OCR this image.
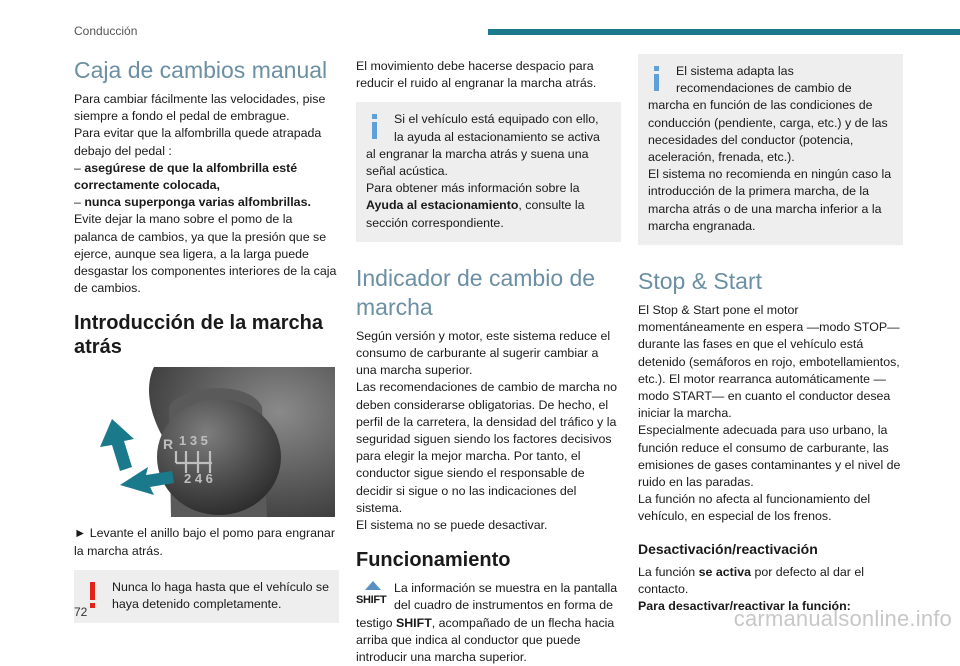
Conducción
Caja de cambios manual

Para cambiar fácilmente las velocidades, pise siempre a fondo el pedal de embrague.

Para evitar que la alfombrilla quede atrapada debajo del pedal :

– asegúrese de que la alfombrilla esté correctamente colocada,

– nunca superponga varias alfombrillas.

Evite dejar la mano sobre el pomo de la palanca de cambios, ya que la presión que se ejerce, aunque sea ligera, a la larga puede desgastar los componentes interiores de la caja de cambios.

Introducción de la marcha atrás
1 3 5
R
2 4 6

► Levante el anillo bajo el pomo para engranar la marcha atrás.

Nunca lo haga hasta que el vehículo se haya detenido completamente.

El movimiento debe hacerse despacio para reducir el ruido al engranar la marcha atrás.

Si el vehículo está equipado con ello, la ayuda al estacionamiento se activa al engranar la marcha atrás y suena una señal acústica.

Para obtener más información sobre la Ayuda al estacionamiento, consulte la sección correspondiente.

Indicador de cambio de marcha

Según versión y motor, este sistema reduce el consumo de carburante al sugerir cambiar a una marcha superior.

Las recomendaciones de cambio de marcha no deben considerarse obligatorias. De hecho, el perfil de la carretera, la densidad del tráfico y la seguridad siguen siendo los factores decisivos para elegir la mejor marcha. Por tanto, el conductor sigue siendo el responsable de decidir si sigue o no las indicaciones del sistema.

El sistema no se puede desactivar.

Funcionamiento

SHIFT
La información se muestra en la pantalla del cuadro de instrumentos en forma de testigo SHIFT, acompañado de un flecha hacia arriba que indica al conductor que puede introducir una marcha superior.

El sistema adapta las recomendaciones de cambio de marcha en función de las condiciones de conducción (pendiente, carga, etc.) y de las necesidades del conductor (potencia, aceleración, frenada, etc.).

El sistema no recomienda en ningún caso la introducción de la primera marcha, de la marcha atrás o de una marcha inferior a la marcha engranada.

Stop & Start

El Stop & Start pone el motor momentáneamente en espera —modo STOP— durante las fases en que el vehículo está detenido (semáforos en rojo, embotellamientos, etc.). El motor rearranca automáticamente —modo START— en cuanto el conductor desea iniciar la marcha.

Especialmente adecuada para uso urbano, la función reduce el consumo de carburante, las emisiones de gases contaminantes y el nivel de ruido en las paradas.

La función no afecta al funcionamiento del vehículo, en especial de los frenos.

Desactivación/reactivación

La función se activa por defecto al dar el contacto.

Para desactivar/reactivar la función:

72	carmanualsonline.info
